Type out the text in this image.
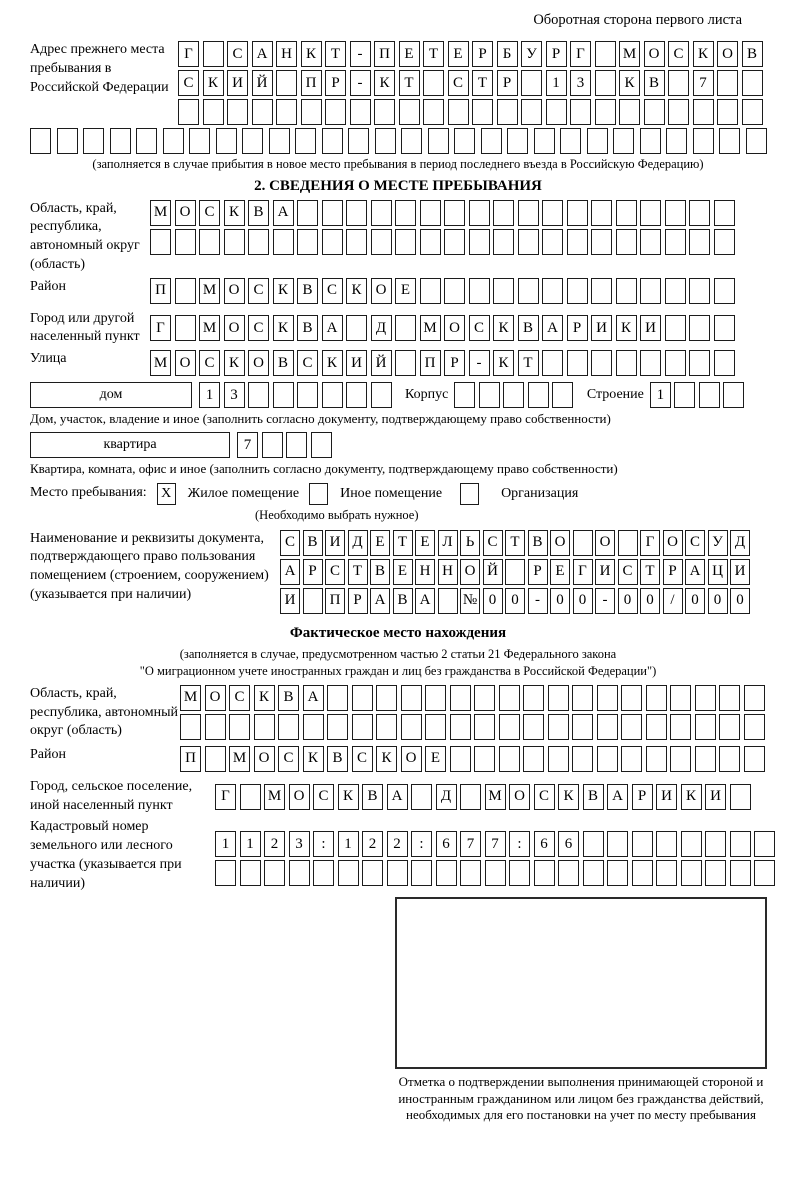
Оборотная сторона первого листа
Адрес прежнего места пребывания в Российской Федерации
Г	С А Н К Т	-	П Е	Т	Е	Р	Б У	Р	Г	М О С К О В
С К И Й	П Р	-	К Т	С Т	Р	1	3	К В	7
(заполняется в случае прибытия в новое место пребывания в период последнего въезда в Российскую Федерацию)
2. СВЕДЕНИЯ О МЕСТЕ ПРЕБЫВАНИЯ
Область, край, республика, автономный округ (область)
М О С К В А
Район	П	М О С К В С К О Е
Город или другой населенный пункт
Г	М О С К В А	Д	М О С К В А Р И К И
Улица	М О С К О В С К И Й	П Р	-	К Т
дом	1	3	Корпус	Строение 1
Дом, участок, владение и иное (заполнить согласно документу, подтверждающему право собственности)
квартира	7
Квартира, комната, офис и иное (заполнить согласно документу, подтверждающему право собственности)
Место пребывания:	X	Жилое помещение	Иное помещение	Организация
(Необходимо выбрать нужное)
Наименование и реквизиты документа, подтверждающего право пользования помещением (строением, сооружением) (указывается при наличии)
С В И Д Е Т Е Л Ь С Т В О	О	Г О С У Д
А Р С Т В Е Н Н О Й	Р Е Г И С Т Р А Ц И
И	П Р А В А	№ 0	0	-	0	0	-	0	0	/	0	0	0
Фактическое место нахождения
(заполняется в случае, предусмотренном частью 2 статьи 21 Федерального закона
"О миграционном учете иностранных граждан и лиц без гражданства в Российской Федерации")
Область, край, республика, автономный округ (область)
М О С К В А
Район	П	М О С К В С К О Е
Город, сельское поселение, иной населенный пункт
Г	М О С К В А	Д	М О С К В А Р И К И
Кадастровый номер земельного или лесного участка (указывается при наличии)
1	1	2	3	:	1	2	2	:	6	7	7	:	6	6
Отметка о подтверждении выполнения принимающей стороной и иностранным гражданином или лицом без гражданства действий, необходимых для его постановки на учет по месту пребывания
